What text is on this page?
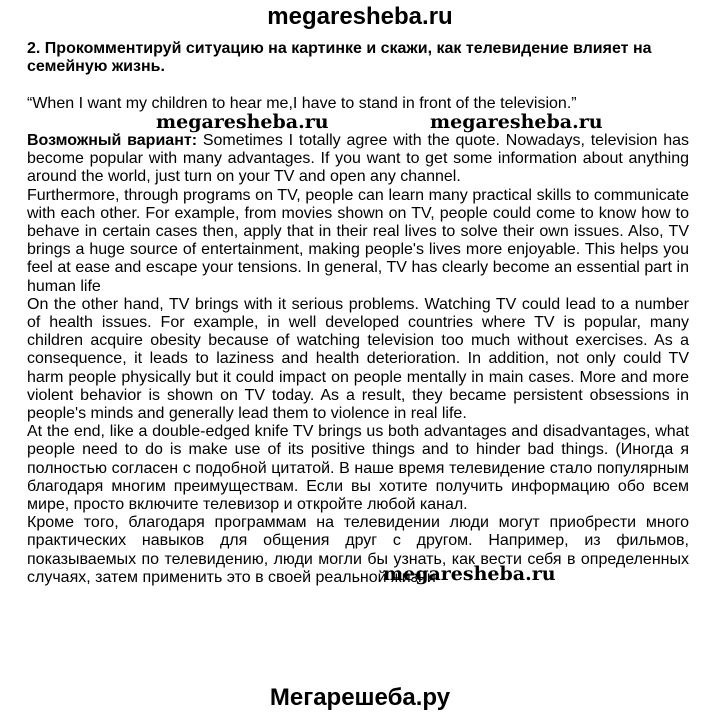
megaresheba.ru
2. Прокомментируй ситуацию на картинке и скажи, как телевидение влияет на семейную жизнь.
“When I want my children to hear me,I have to stand in front of the television.”

Возможный вариант: Sometimes I totally agree with the quote. Nowadays, television has become popular with many advantages. If you want to get some information about anything around the world, just turn on your TV and open any channel.

Furthermore, through programs on TV, people can learn many practical skills to communicate with each other. For example, from movies shown on TV, people could come to know how to behave in certain cases then, apply that in their real lives to solve their own issues. Also, TV brings a huge source of entertainment, making people's lives more enjoyable. This helps you feel at ease and escape your tensions. In general, TV has clearly become an essential part in human life

On the other hand, TV brings with it serious problems. Watching TV could lead to a number of health issues. For example, in well developed countries where TV is popular, many children acquire obesity because of watching television too much without exercises. As a consequence, it leads to laziness and health deterioration. In addition, not only could TV harm people physically but it could impact on people mentally in main cases. More and more violent behavior is shown on TV today. As a result, they became persistent obsessions in people's minds and generally lead them to violence in real life.

At the end, like a double-edged knife TV brings us both advantages and disadvantages, what people need to do is make use of its positive things and to hinder bad things. (Иногда я полностью согласен с подобной цитатой. В наше время телевидение стало популярным благодаря многим преимуществам. Если вы хотите получить информацию обо всем мире, просто включите телевизор и откройте любой канал.

Кроме того, благодаря программам на телевидении люди могут приобрести много практических навыков для общения друг с другом. Например, из фильмов, показываемых по телевидению, люди могли бы узнать, как вести себя в определенных случаях, затем применить это в своей реальной жизни

megaresheba.ru	megaresheba.ru
megaresheba.ru
Мегарешеба.ру
